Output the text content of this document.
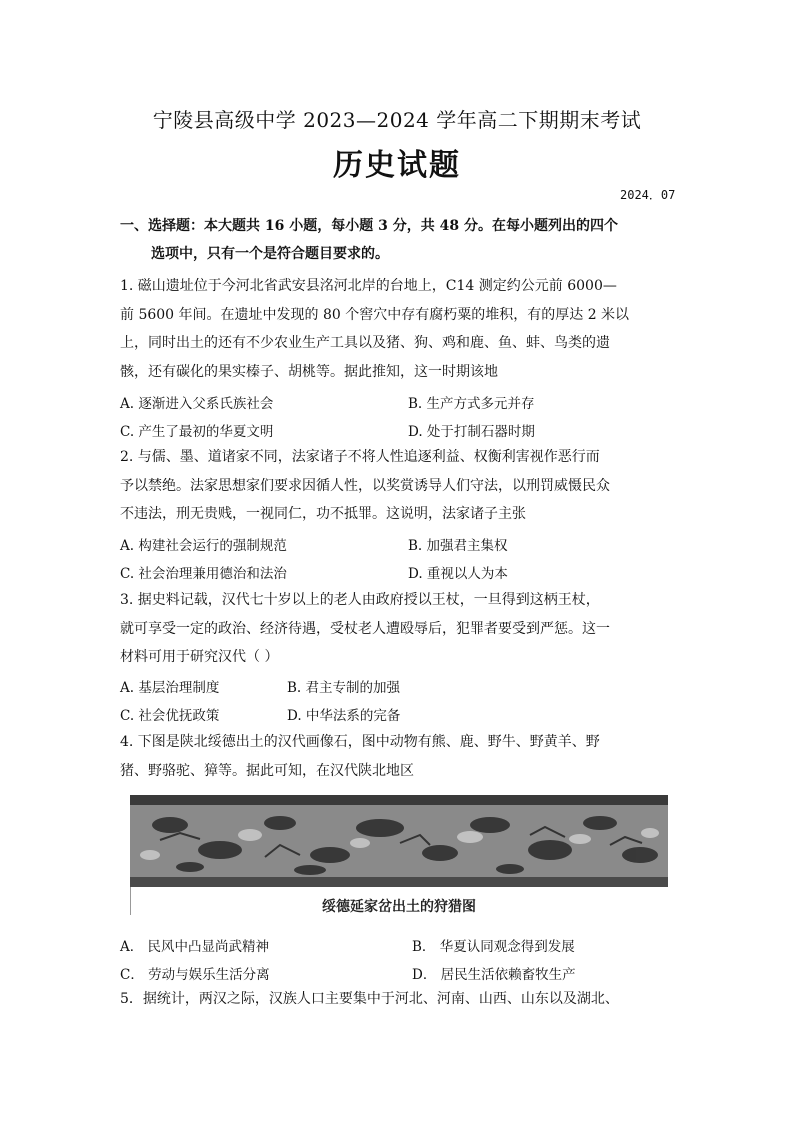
宁陵县高级中学 2023—2024 学年高二下期期末考试
历史试题
2024．07
一、选择题：本大题共 16 小题，每小题 3 分，共 48 分。在每小题列出的四个
选项中，只有一个是符合题目要求的。
1. 磁山遗址位于今河北省武安县洺河北岸的台地上，C14 测定约公元前 6000—
前 5600 年间。在遗址中发现的 80 个窖穴中存有腐朽粟的堆积，有的厚达 2 米以
上，同时出土的还有不少农业生产工具以及猪、狗、鸡和鹿、鱼、蚌、鸟类的遗
骸，还有碳化的果实榛子、胡桃等。据此推知，这一时期该地
A. 逐渐进入父系氏族社会	B. 生产方式多元并存
C. 产生了最初的华夏文明	D. 处于打制石器时期
2. 与儒、墨、道诸家不同，法家诸子不将人性追逐利益、权衡利害视作恶行而
予以禁绝。法家思想家们要求因循人性，以奖赏诱导人们守法，以刑罚威慑民众
不违法，刑无贵贱，一视同仁，功不抵罪。这说明，法家诸子主张
A. 构建社会运行的强制规范	B. 加强君主集权
C. 社会治理兼用德治和法治	D. 重视以人为本
3. 据史料记载，汉代七十岁以上的老人由政府授以王杖，一旦得到这柄王杖，
就可享受一定的政治、经济待遇，受杖老人遭殴辱后，犯罪者要受到严惩。这一
材料可用于研究汉代（ ）
A. 基层治理制度	B. 君主专制的加强
C. 社会优抚政策	D. 中华法系的完备
4. 下图是陕北绥德出土的汉代画像石，图中动物有熊、鹿、野牛、野黄羊、野
猪、野骆驼、獐等。据此可知，在汉代陕北地区
绥德延家岔出土的狩猎图
A． 民风中凸显尚武精神	B． 华夏认同观念得到发展
C． 劳动与娱乐生活分离	D． 居民生活依赖畜牧生产
5．据统计，两汉之际，汉族人口主要集中于河北、河南、山西、山东以及湖北、
